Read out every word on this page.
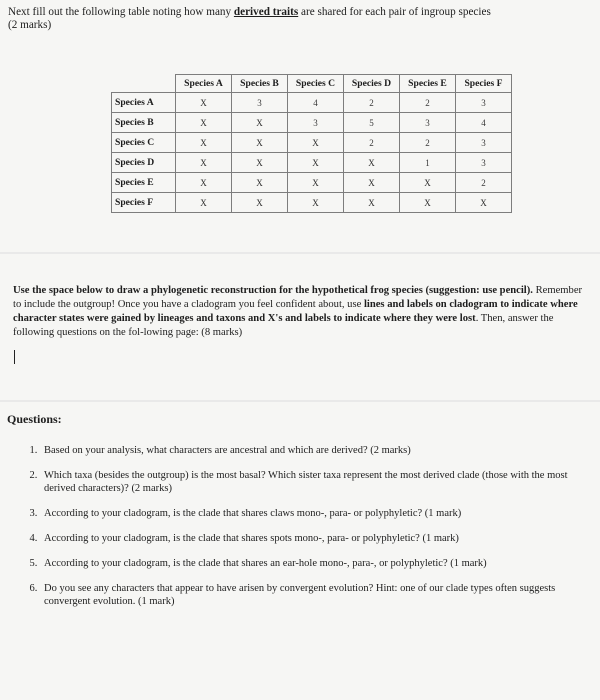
Next fill out the following table noting how many derived traits are shared for each pair of ingroup species
(2 marks)
	Species A	Species B	Species C	Species D	Species E	Species F
Species A	X	3	4	2	2	3
Species B	X	X	3	5	3	4
Species C	X	X	X	2	2	3
Species D	X	X	X	X	1	3
Species E	X	X	X	X	X	2
Species F	X	X	X	X	X	X
Use the space below to draw a phylogenetic reconstruction for the hypothetical frog species (suggestion: use pencil). Remember to include the outgroup! Once you have a cladogram you feel confident about, use lines and labels on cladogram to indicate where character states were gained by lineages and taxons and X's and labels to indicate where they were lost. Then, answer the following questions on the fol-lowing page: (8 marks)
Questions:
1. Based on your analysis, what characters are ancestral and which are derived? (2 marks)
2. Which taxa (besides the outgroup) is the most basal? Which sister taxa represent the most derived clade (those with the most derived characters)? (2 marks)
3. According to your cladogram, is the clade that shares claws mono-, para- or polyphyletic? (1 mark)
4. According to your cladogram, is the clade that shares spots mono-, para- or polyphyletic? (1 mark)
5. According to your cladogram, is the clade that shares an ear-hole mono-, para-, or polyphyletic? (1 mark)
6. Do you see any characters that appear to have arisen by convergent evolution? Hint: one of our clade types often suggests convergent evolution. (1 mark)
